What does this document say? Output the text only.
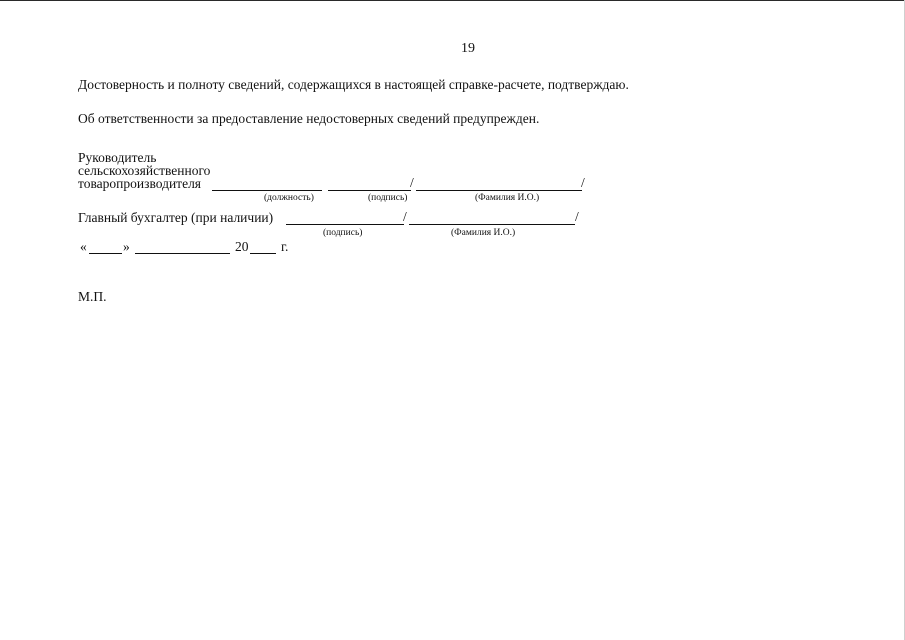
19
Достоверность и полноту сведений, содержащихся в настоящей справке-расчете, подтверждаю.
Об ответственности за предоставление недостоверных сведений предупрежден.
Руководитель
сельскохозяйственного
товаропроизводителя	/	/
(должность)	(подпись)	(Фамилия И.О.)
Главный бухгалтер (при наличии)	/	/
(подпись)	(Фамилия И.О.)
«	»	20 г.
М.П.
